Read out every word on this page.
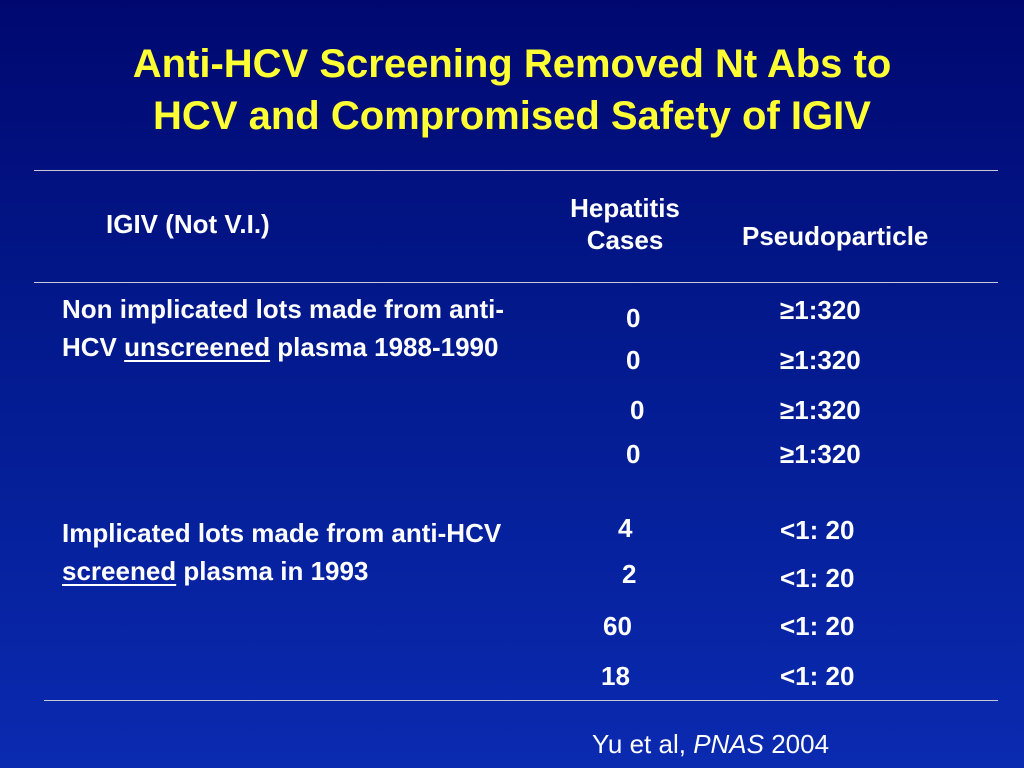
Anti-HCV Screening Removed Nt Abs to
HCV and Compromised Safety of IGIV
IGIV (Not V.I.)
Hepatitis
Cases	Pseudoparticle
Non implicated lots made from anti-HCV unscreened plasma 1988-1990
0
0
0
0
≥1:320
≥1:320
≥1:320
≥1:320
Implicated lots made from anti-HCV screened plasma in 1993
4
2
60
18
<1: 20
<1: 20
<1: 20
<1: 20
Yu et al, PNAS 2004
